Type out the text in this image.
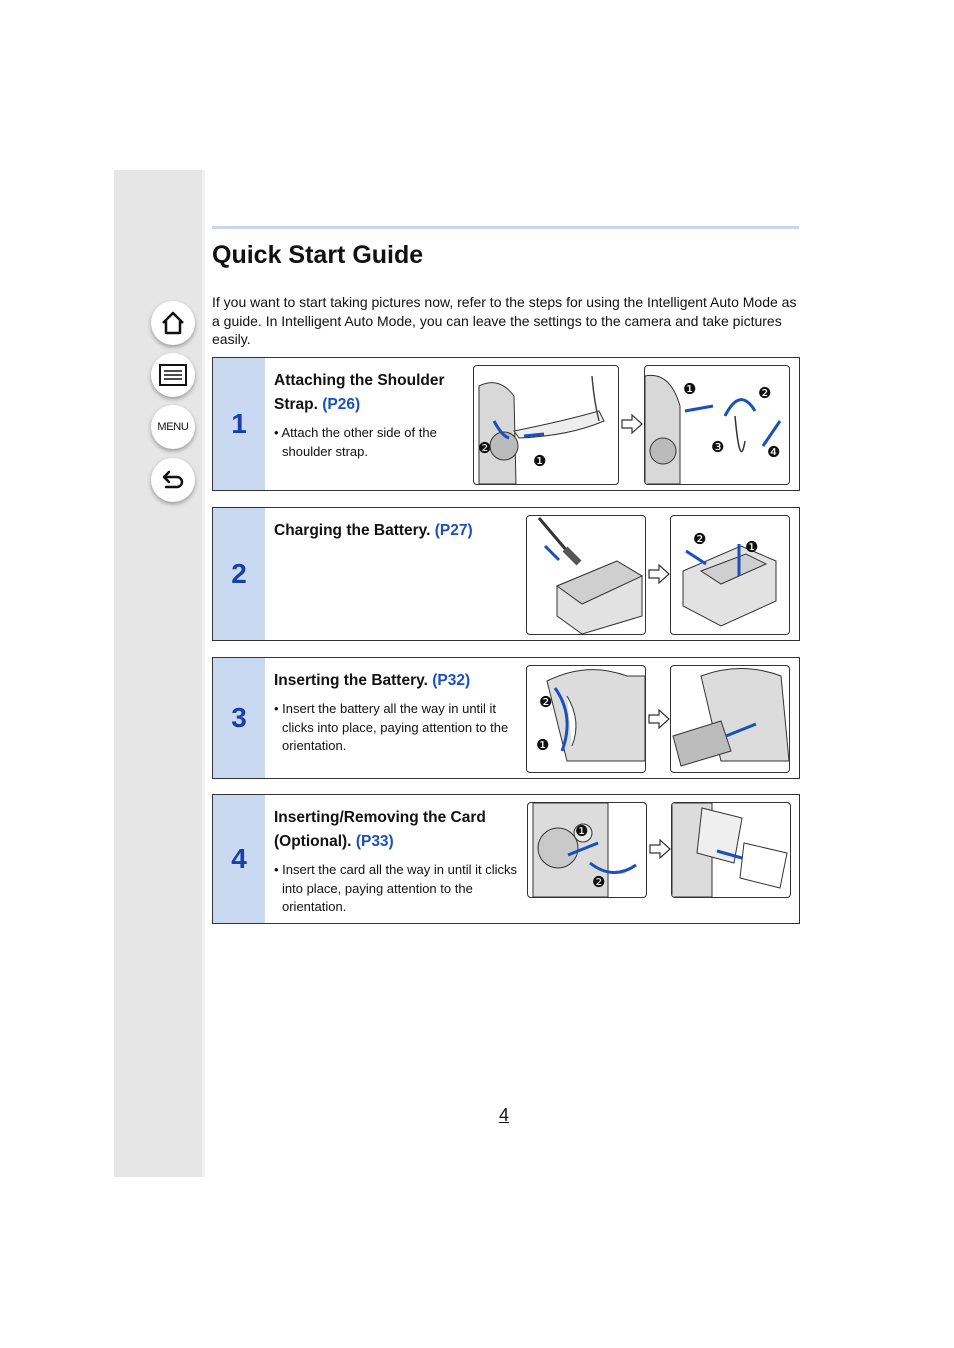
MENU
Quick Start Guide
If you want to start taking pictures now, refer to the steps for using the Intelligent Auto Mode as a guide. In Intelligent Auto Mode, you can leave the settings to the camera and take pictures easily.
1
Attaching the Shoulder
Strap. (P26)
• Attach the other side of the shoulder strap.	❷
❶
❶	❷
❸	❹
2
Charging the Battery. (P27)
❷	❶
3
Inserting the Battery. (P32)
• Insert the battery all the way in until it clicks into place, paying attention to the orientation.
❷
❶
4
Inserting/Removing the Card
(Optional). (P33)
• Insert the card all the way in until it clicks into place, paying attention to the orientation.
❶
❷
4
